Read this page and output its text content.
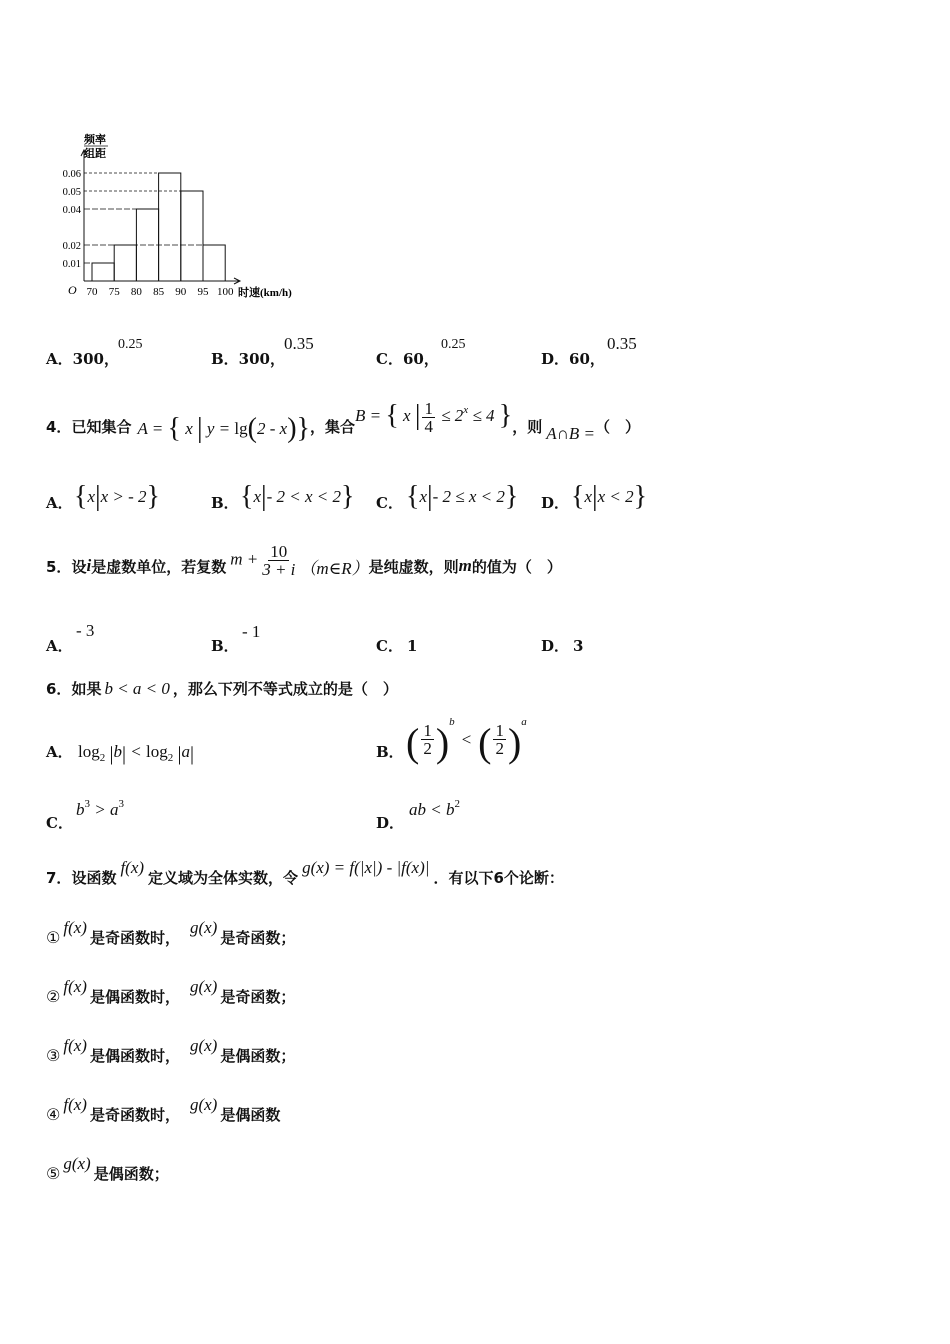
频率
组距
0.06
0.05
0.04
0.02
0.01
70 75 80 85 90 95 100
O	时速(km/h)
A．300，
0.25
B．300，
0.35
C．60，
0.25
D．60，
0.35
4． 已知集合 A = { x | y = lg(2 - x)} ，集合
B = { x | $\frac{1}{4} \le 2^x \le 4$ } ，则 A∩B = （　）
A． {x|x > - 2}	B． {x|- 2 < x < 2} C． {x|- 2 ≤ x < 2} D． {x|x < 2}
5． 设 i 是虚数单位，若复数 $m + \frac{10}{3 + i}$ （m∈R） 是纯虚数，则 m 的值为（　）
A．
- 3
B．
- 1
C． 1	D． 3
6． 如果 b < a < 0 ，那么下列不等式成立的是（　）
A． $\log_2 |b| < \log_2 |a|$	B． ( $\frac{1}{2}$ ) b
< ( $\frac{1}{2}$ ) a
C．
$b^3 > a^3$
D．
ab < $b^2$
7． 设函数
f(x)
定义域为全体实数，令
g(x) = f(|x|) - |f(x)|
．有以下6个论断：
① f(x)
是奇函数时，
g(x)
是奇函数；
② f(x)
是偶函数时，
g(x)
是奇函数；
③ f(x)
是偶函数时，
g(x)
是偶函数；
④ f(x)
是奇函数时，
g(x)
是偶函数
⑤ g(x)
是偶函数；
